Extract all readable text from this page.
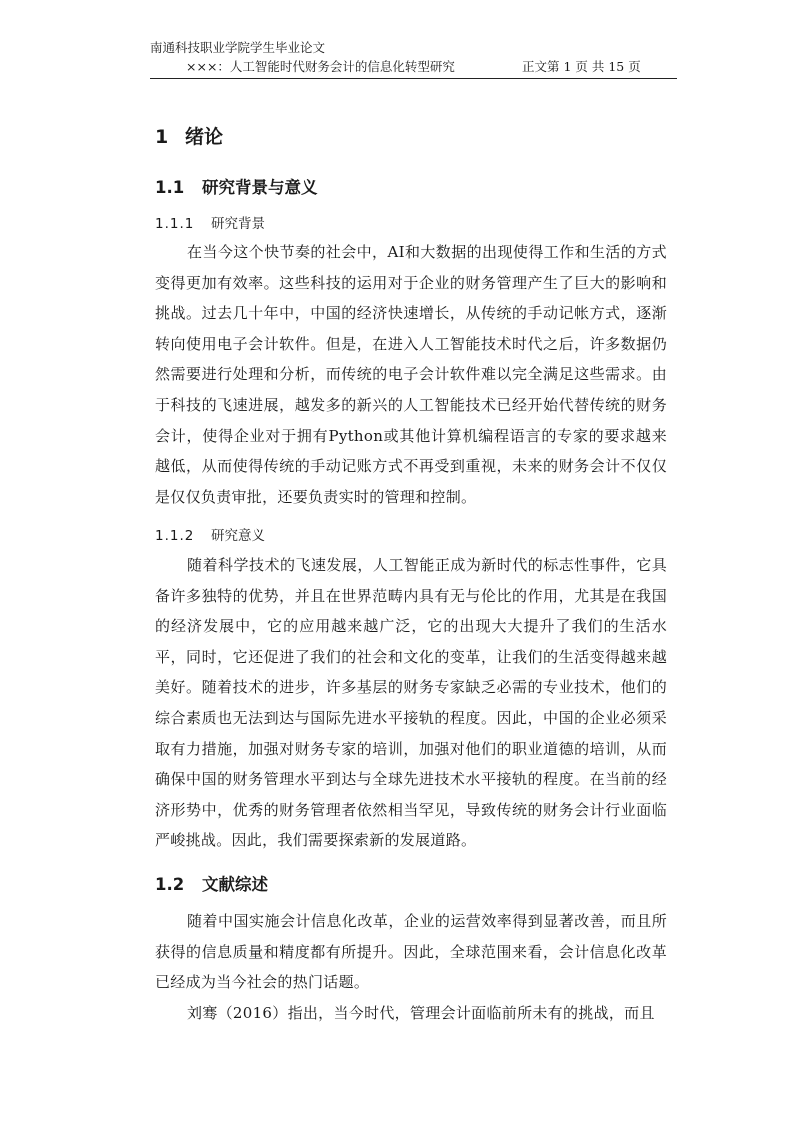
南通科技职业学院学生毕业论文
×××：人工智能时代财务会计的信息化转型研究	正文第 1 页 共 15 页
1 绪论
1.1 研究背景与意义
1.1.1 研究背景

在当今这个快节奏的社会中，AI和大数据的出现使得工作和生活的方式变得更加有效率。这些科技的运用对于企业的财务管理产生了巨大的影响和挑战。过去几十年中，中国的经济快速增长，从传统的手动记帐方式，逐渐转向使用电子会计软件。但是，在进入人工智能技术时代之后，许多数据仍然需要进行处理和分析，而传统的电子会计软件难以完全满足这些需求。由于科技的飞速进展，越发多的新兴的人工智能技术已经开始代替传统的财务会计，使得企业对于拥有Python或其他计算机编程语言的专家的要求越来越低，从而使得传统的手动记账方式不再受到重视，未来的财务会计不仅仅是仅仅负责审批，还要负责实时的管理和控制。

1.1.2 研究意义

随着科学技术的飞速发展，人工智能正成为新时代的标志性事件，它具备许多独特的优势，并且在世界范畴内具有无与伦比的作用，尤其是在我国的经济发展中，它的应用越来越广泛，它的出现大大提升了我们的生活水平，同时，它还促进了我们的社会和文化的变革，让我们的生活变得越来越美好。随着技术的进步，许多基层的财务专家缺乏必需的专业技术，他们的综合素质也无法到达与国际先进水平接轨的程度。因此，中国的企业必须采取有力措施，加强对财务专家的培训，加强对他们的职业道德的培训，从而确保中国的财务管理水平到达与全球先进技术水平接轨的程度。在当前的经济形势中，优秀的财务管理者依然相当罕见，导致传统的财务会计行业面临严峻挑战。因此，我们需要探索新的发展道路。

1.2 文献综述

随着中国实施会计信息化改革，企业的运营效率得到显著改善，而且所获得的信息质量和精度都有所提升。因此，全球范围来看，会计信息化改革已经成为当今社会的热门话题。

刘骞（2016）指出，当今时代，管理会计面临前所未有的挑战，而且
